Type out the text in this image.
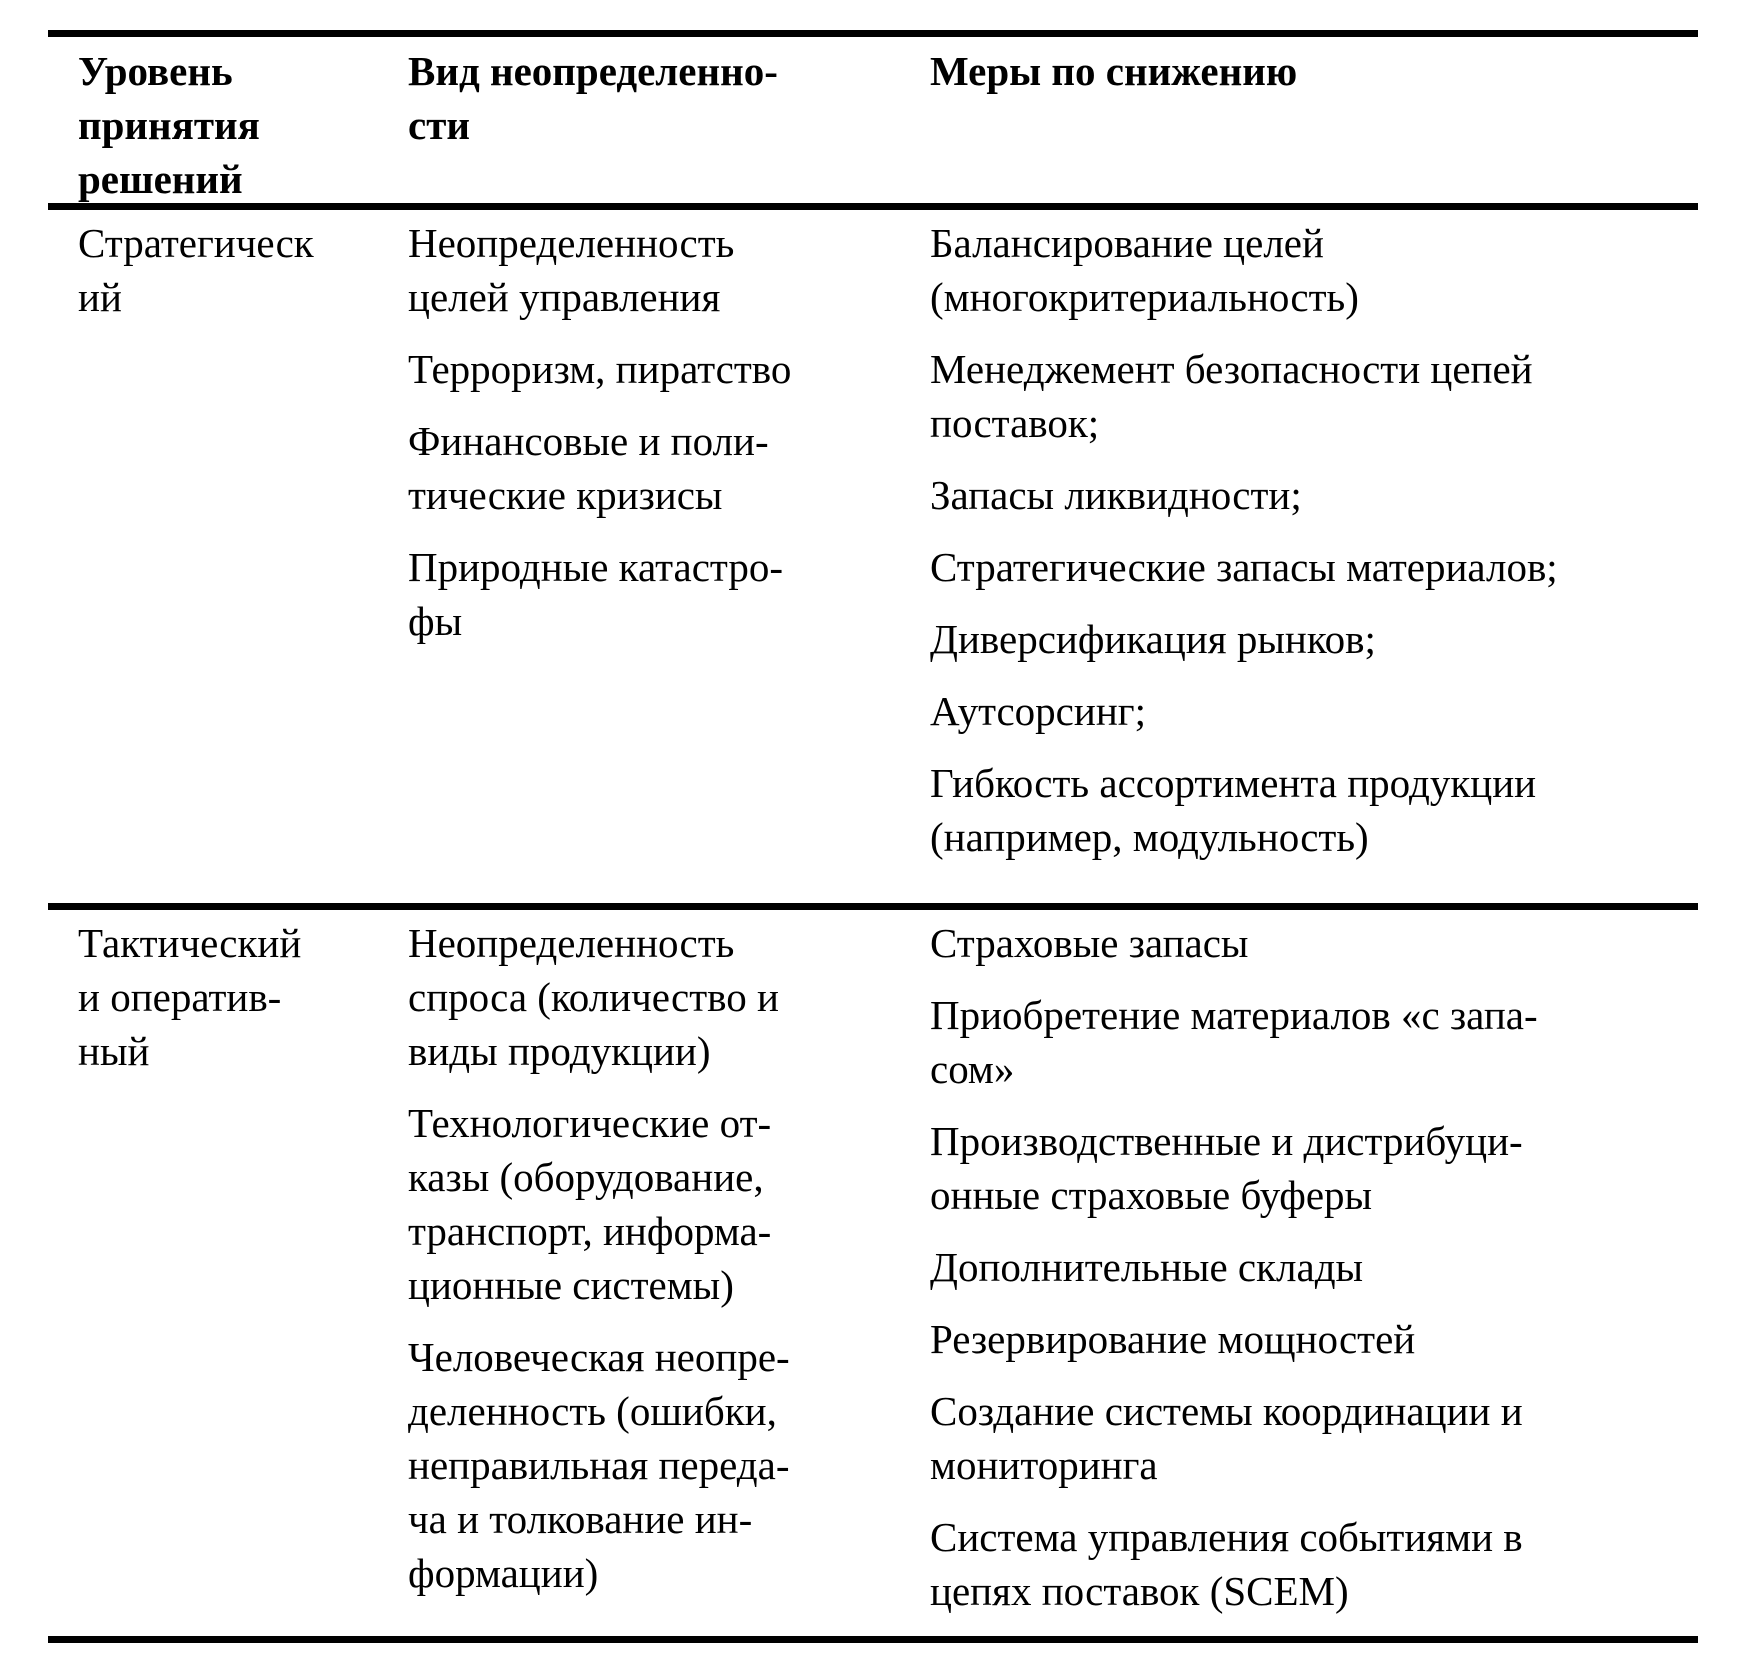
Уровень
принятия
решений
Вид неопределенно-
сти
Меры по снижению
Стратегическ
ий
Неопределенность
целей управления
Терроризм, пиратство
Финансовые и поли-
тические кризисы
Природные катастро-
фы
Балансирование целей
(многокритериальность)
Менеджемент безопасности цепей
поставок;
Запасы ликвидности;
Стратегические запасы материалов;
Диверсификация рынков;
Аутсорсинг;
Гибкость ассортимента продукции
(например, модульность)
Тактический
и оператив-
ный
Неопределенность
спроса (количество и
виды продукции)
Технологические от-
казы (оборудование,
транспорт, информа-
ционные системы)
Человеческая неопре-
деленность (ошибки,
неправильная переда-
ча и толкование ин-
формации)
Страховые запасы
Приобретение материалов «с запа-
сом»
Производственные и дистрибуци-
онные страховые буферы
Дополнительные склады
Резервирование мощностей
Создание системы координации и
мониторинга
Система управления событиями в
цепях поставок (SCEM)
